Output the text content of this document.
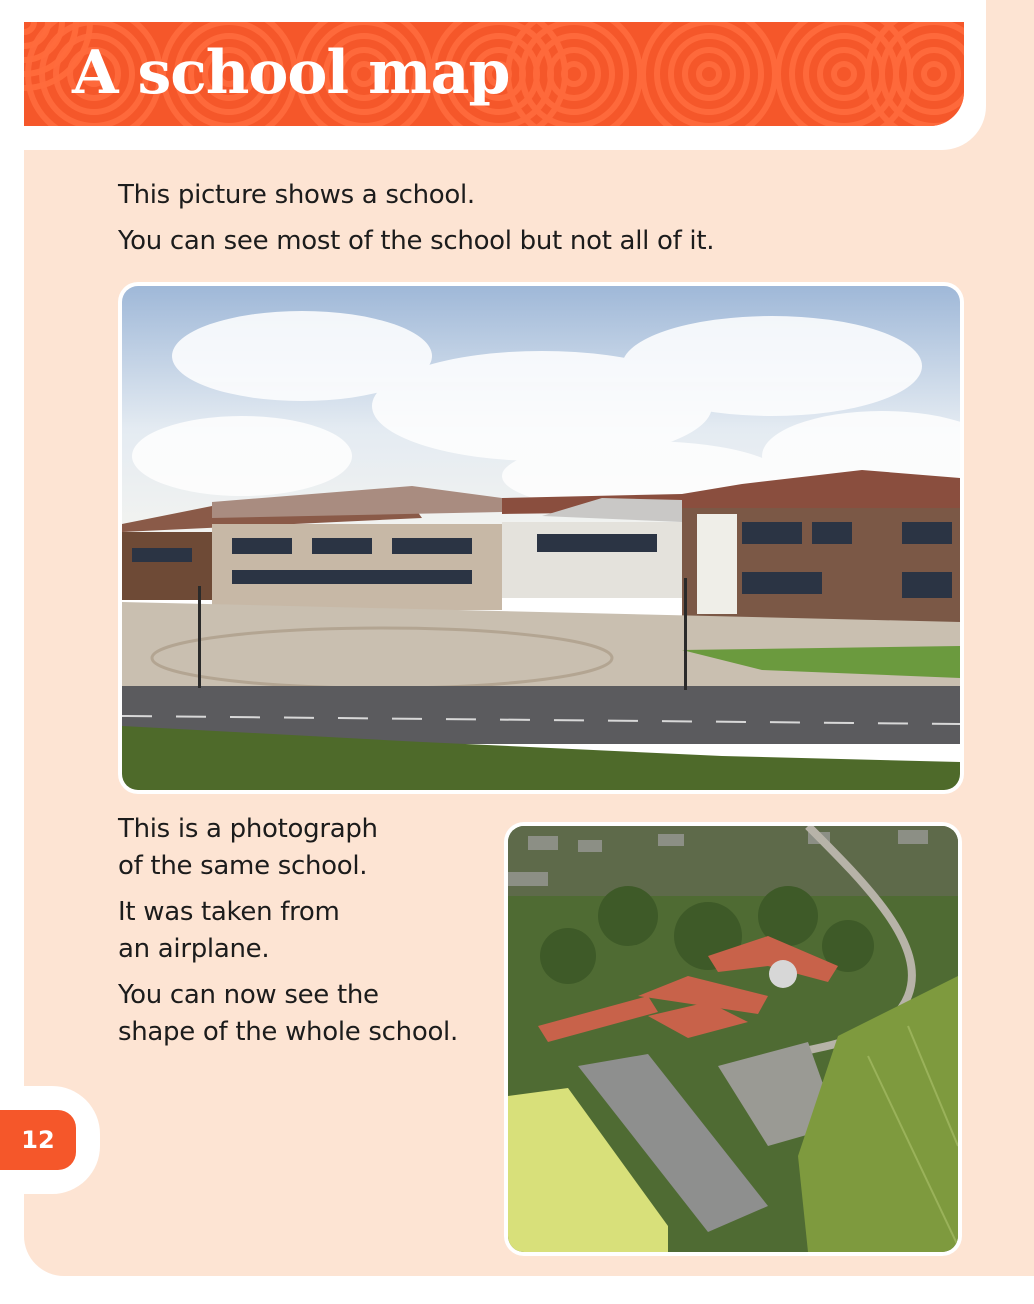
A school map
This picture shows a school.
You can see most of the school but not all of it.
This is a photograph
of the same school.
It was taken from
an airplane.
You can now see the
shape of the whole school.
12
